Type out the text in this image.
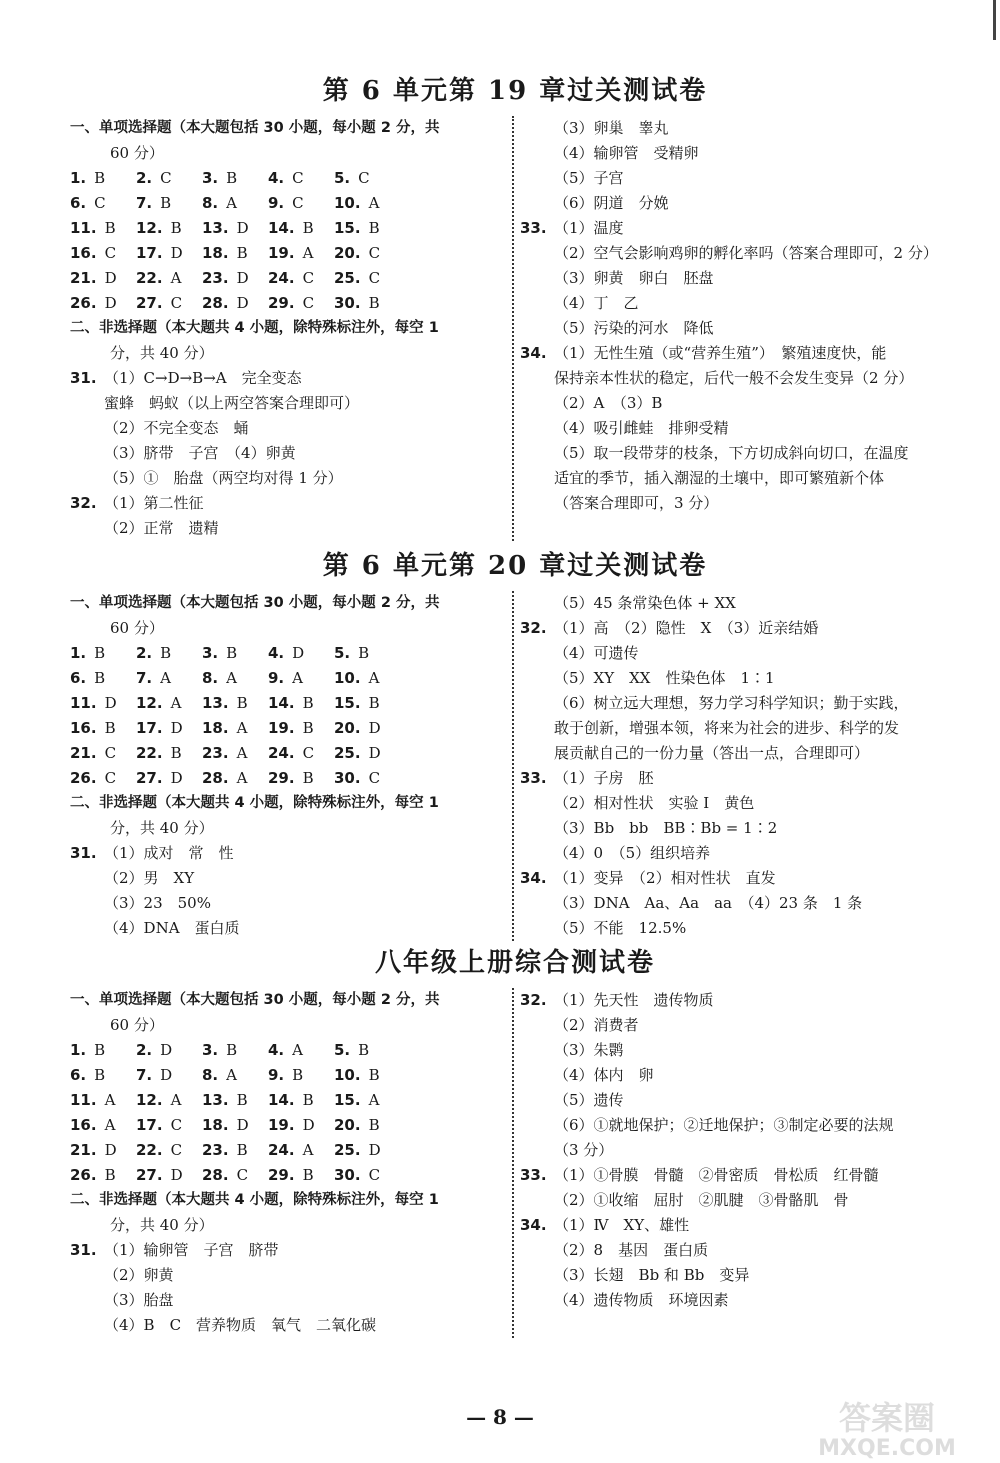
第 6 单元第 19 章过关测试卷
一、单项选择题（本大题包括 30 小题，每小题 2 分，共
60 分）
1. B	2. C	3. B	4. C	5. C
6. C	7. B	8. A	9. C	10. A
11. B	12. B	13. D	14. B	15. B
16. C	17. D	18. B	19. A	20. C
21. D	22. A	23. D	24. C	25. C
26. D	27. C	28. D	29. C	30. B
二、非选择题（本大题共 4 小题，除特殊标注外，每空 1
分，共 40 分）
31. （1）C→D→B→A　完全变态
蜜蜂　蚂蚁（以上两空答案合理即可）
（2）不完全变态　蛹
（3）脐带　子宫　（4）卵黄
（5）①　胎盘（两空均对得 1 分）
32. （1）第二性征
（2）正常　遗精
（3）卵巢　睾丸
（4）输卵管　受精卵
（5）子宫
（6）阴道　分娩
33. （1）温度
（2）空气会影响鸡卵的孵化率吗（答案合理即可，2 分）
（3）卵黄　卵白　胚盘
（4）丁　乙
（5）污染的河水　降低
34. （1）无性生殖（或“营养生殖”）　繁殖速度快，能
保持亲本性状的稳定，后代一般不会发生变异（2 分）
（2）A　（3）B
（4）吸引雌蛙　排卵受精
（5）取一段带芽的枝条，下方切成斜向切口，在温度
适宜的季节，插入潮湿的土壤中，即可繁殖新个体
（答案合理即可，3 分）
第 6 单元第 20 章过关测试卷
一、单项选择题（本大题包括 30 小题，每小题 2 分，共
60 分）
1. B	2. B	3. B	4. D	5. B
6. B	7. A	8. A	9. A	10. A
11. D	12. A	13. B	14. B	15. B
16. B	17. D	18. A	19. B	20. D
21. C	22. B	23. A	24. C	25. D
26. C	27. D	28. A	29. B	30. C
二、非选择题（本大题共 4 小题，除特殊标注外，每空 1
分，共 40 分）
31. （1）成对　常　性
（2）男　XY
（3）23　50%
（4）DNA　蛋白质
（5）45 条常染色体 + XX
32. （1）高　（2）隐性　X　（3）近亲结婚
（4）可遗传
（5）XY　XX　性染色体　1∶1
（6）树立远大理想，努力学习科学知识；勤于实践，
敢于创新，增强本领，将来为社会的进步、科学的发
展贡献自己的一份力量（答出一点，合理即可）
33. （1）子房　胚
（2）相对性状　实验 I　黄色
（3）Bb　bb　BB∶Bb = 1∶2
（4）0　（5）组织培养
34. （1）变异　（2）相对性状　直发
（3）DNA　Aa、Aa　aa　（4）23 条　1 条
（5）不能　12.5%
八年级上册综合测试卷
一、单项选择题（本大题包括 30 小题，每小题 2 分，共
60 分）
1. B	2. D	3. B	4. A	5. B
6. B	7. D	8. A	9. B	10. B
11. A	12. A	13. B	14. B	15. A
16. A	17. C	18. D	19. D	20. B
21. D	22. C	23. B	24. A	25. D
26. B	27. D	28. C	29. B	30. C
二、非选择题（本大题共 4 小题，除特殊标注外，每空 1
分，共 40 分）
31. （1）输卵管　子宫　脐带
（2）卵黄
（3）胎盘
（4）B　C　营养物质　氧气　二氧化碳
32. （1）先天性　遗传物质
（2）消费者
（3）朱鹮
（4）体内　卵
（5）遗传
（6）①就地保护；②迁地保护；③制定必要的法规
（3 分）
33. （1）①骨膜　骨髓　②骨密质　骨松质　红骨髓
（2）①收缩　屈肘　②肌腱　③骨骼肌　骨
34. （1）Ⅳ　XY、雄性
（2）8　基因　蛋白质
（3）长翅　Bb 和 Bb　变异
（4）遗传物质　环境因素
— 8 —	答案圈
MXQE.COM
